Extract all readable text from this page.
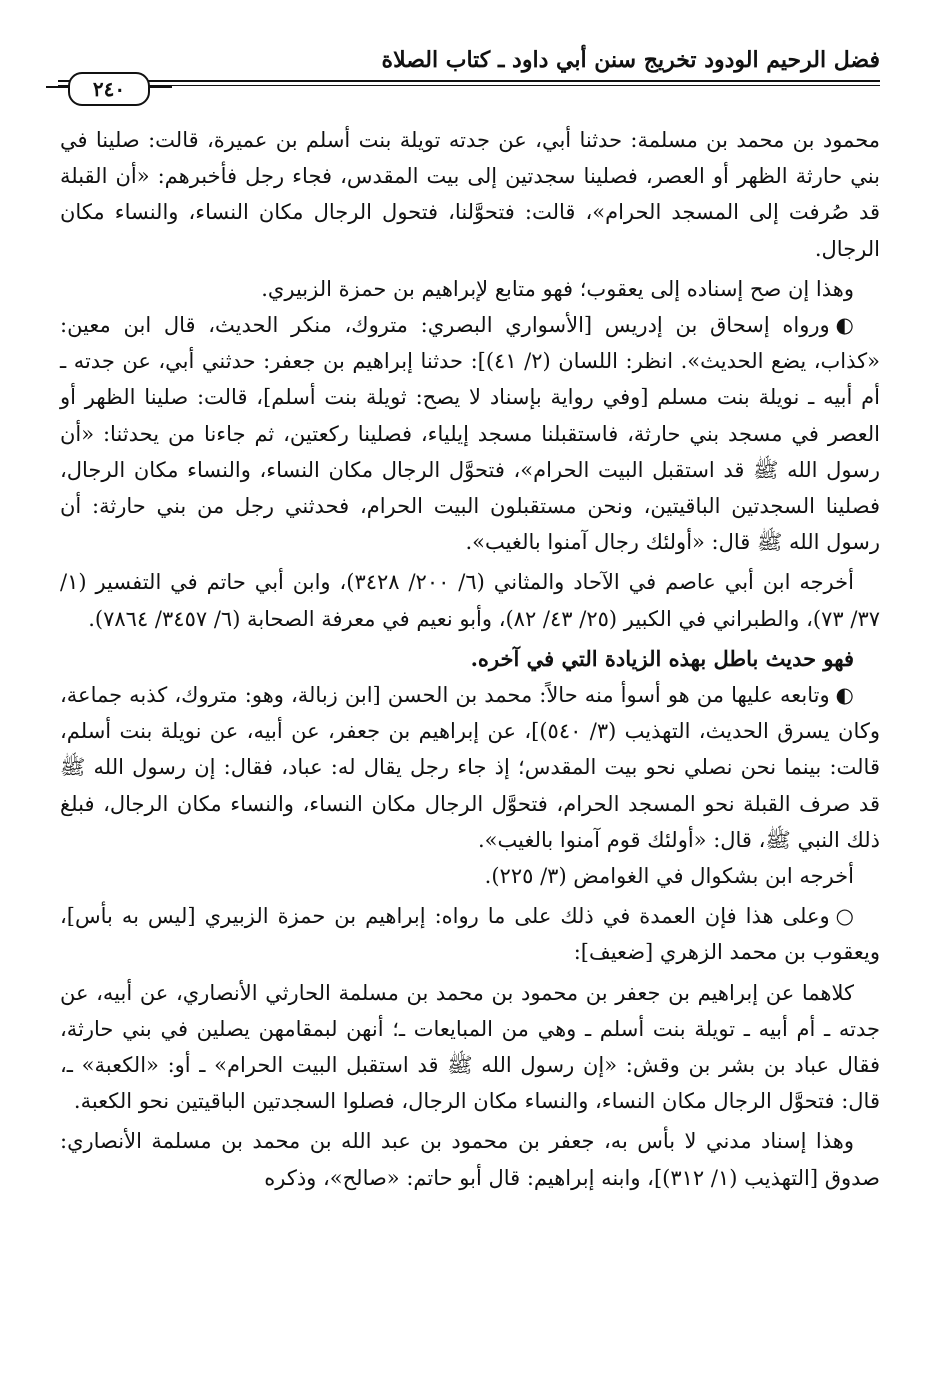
فضل الرحيم الودود تخريج سنن أبي داود ـ كتاب الصلاة
٢٤٠

محمود بن محمد بن مسلمة: حدثنا أبي، عن جدته تويلة بنت أسلم بن عميرة، قالت: صلينا في بني حارثة الظهر أو العصر، فصلينا سجدتين إلى بيت المقدس، فجاء رجل فأخبرهم: «أن القبلة قد صُرفت إلى المسجد الحرام»، قالت: فتحوَّلنا، فتحول الرجال مكان النساء، والنساء مكان الرجال.

وهذا إن صح إسناده إلى يعقوب؛ فهو متابع لإبراهيم بن حمزة الزبيري.

◐ورواه إسحاق بن إدريس [الأسواري البصري: متروك، منكر الحديث، قال ابن معين: «كذاب، يضع الحديث». انظر: اللسان (٢/ ٤١)]: حدثنا إبراهيم بن جعفر: حدثني أبي، عن جدته ـ أم أبيه ـ نويلة بنت مسلم [وفي رواية بإسناد لا يصح: ثويلة بنت أسلم]، قالت: صلينا الظهر أو العصر في مسجد بني حارثة، فاستقبلنا مسجد إيلياء، فصلينا ركعتين، ثم جاءنا من يحدثنا: «أن رسول الله ﷺ قد استقبل البيت الحرام»، فتحوَّل الرجال مكان النساء، والنساء مكان الرجال، فصلينا السجدتين الباقيتين، ونحن مستقبلون البيت الحرام، فحدثني رجل من بني حارثة: أن رسول الله ﷺ قال: «أولئك رجال آمنوا بالغيب».

أخرجه ابن أبي عاصم في الآحاد والمثاني (٦/ ٢٠٠/ ٣٤٢٨)، وابن أبي حاتم في التفسير (١/ ٣٧/ ٧٣)، والطبراني في الكبير (٢٥/ ٤٣/ ٨٢)، وأبو نعيم في معرفة الصحابة (٦/ ٣٤٥٧/ ٧٨٦٤).

فهو حديث باطل بهذه الزيادة التي في آخره.

◐وتابعه عليها من هو أسوأ منه حالاً: محمد بن الحسن [ابن زبالة، وهو: متروك، كذبه جماعة، وكان يسرق الحديث، التهذيب (٣/ ٥٤٠)]، عن إبراهيم بن جعفر، عن أبيه، عن نويلة بنت أسلم، قالت: بينما نحن نصلي نحو بيت المقدس؛ إذ جاء رجل يقال له: عباد، فقال: إن رسول الله ﷺ قد صرف القبلة نحو المسجد الحرام، فتحوَّل الرجال مكان النساء، والنساء مكان الرجال، فبلغ ذلك النبي ﷺ، قال: «أولئك قوم آمنوا بالغيب».

أخرجه ابن بشكوال في الغوامض (٣/ ٢٢٥).

○وعلى هذا فإن العمدة في ذلك على ما رواه: إبراهيم بن حمزة الزبيري [ليس به بأس]، ويعقوب بن محمد الزهري [ضعيف]:

كلاهما عن إبراهيم بن جعفر بن محمود بن محمد بن مسلمة الحارثي الأنصاري، عن أبيه، عن جدته ـ أم أبيه ـ تويلة بنت أسلم ـ وهي من المبايعات ـ؛ أنهن لبمقامهن يصلين في بني حارثة، فقال عباد بن بشر بن وقش: «إن رسول الله ﷺ قد استقبل البيت الحرام» ـ أو: «الكعبة» ـ، قال: فتحوَّل الرجال مكان النساء، والنساء مكان الرجال، فصلوا السجدتين الباقيتين نحو الكعبة.

وهذا إسناد مدني لا بأس به، جعفر بن محمود بن عبد الله بن محمد بن مسلمة الأنصاري: صدوق [التهذيب (١/ ٣١٢)]، وابنه إبراهيم: قال أبو حاتم: «صالح»، وذكره
